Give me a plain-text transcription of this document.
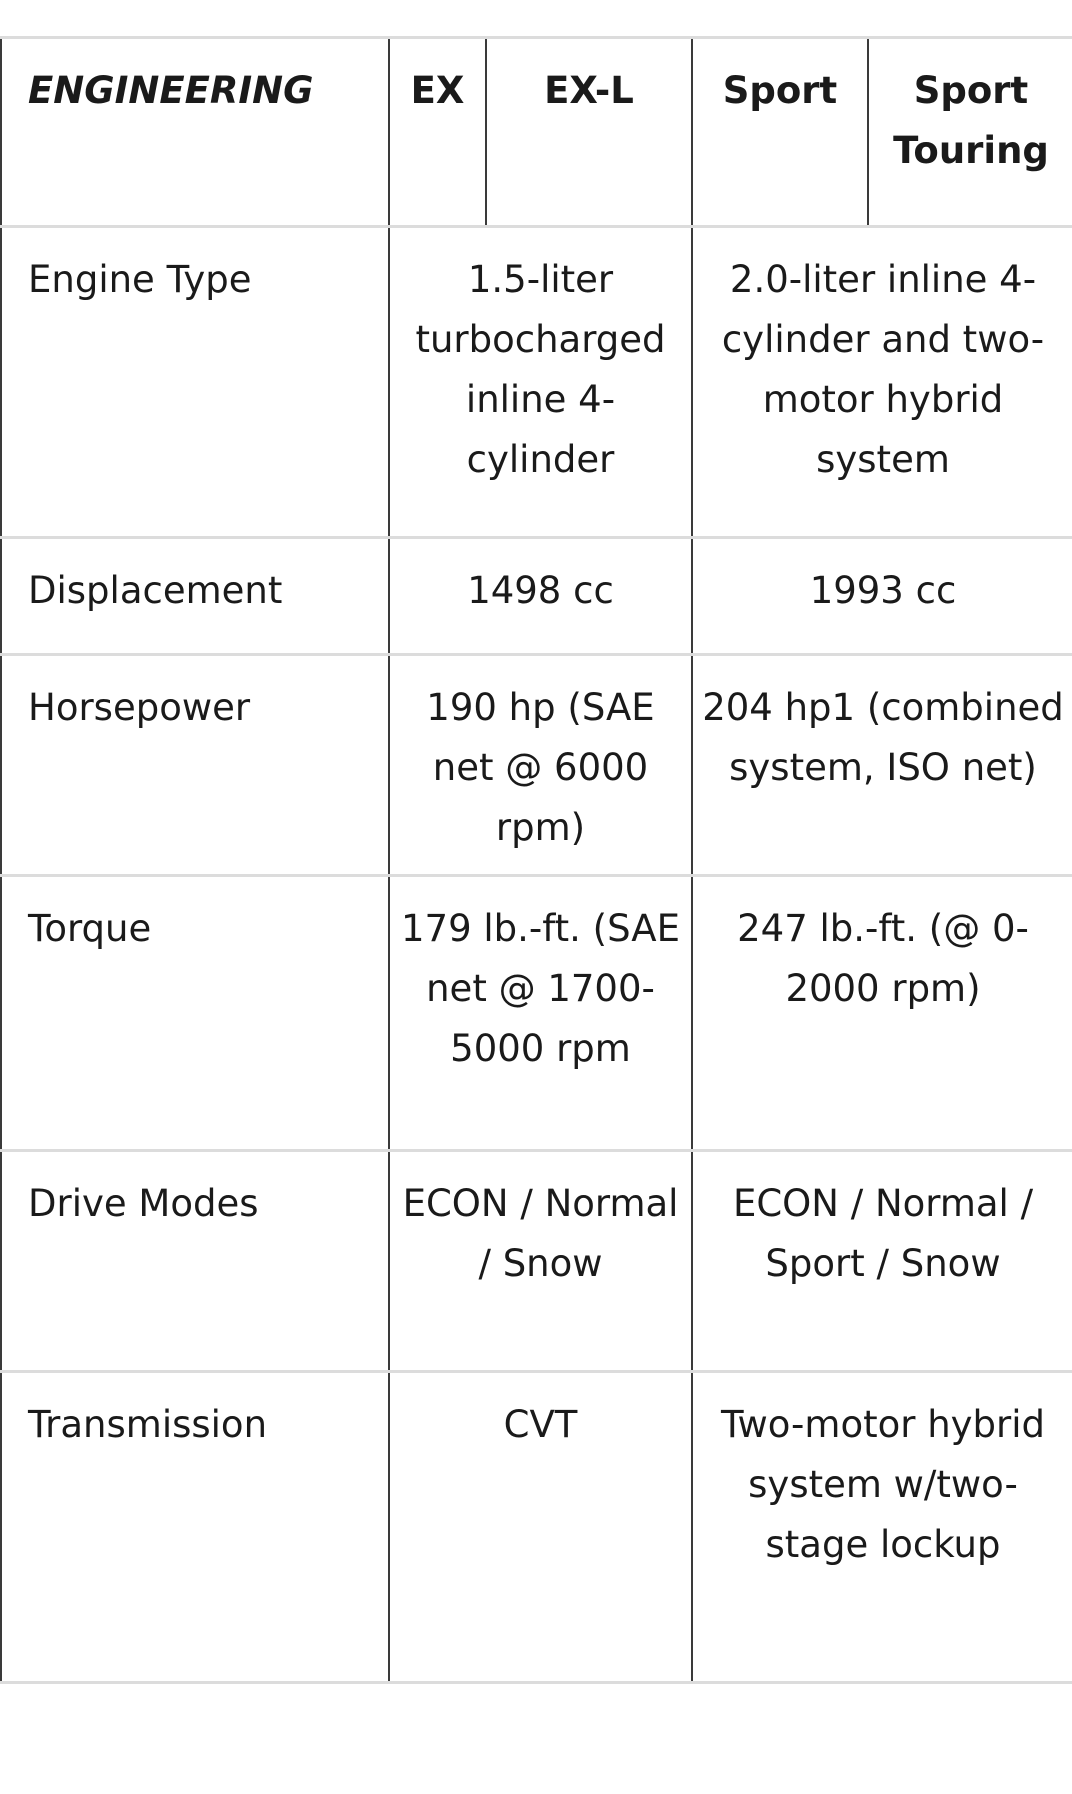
ENGINEERING	EX	EX-L	Sport	Sport Touring
Engine Type	1.5-liter turbocharged inline 4-cylinder		2.0-liter inline 4-cylinder and two-motor hybrid system	
Displacement	1498 cc		1993 cc	
Horsepower	190 hp (SAE net @ 6000 rpm)		204 hp1 (combined system, ISO net)	
Torque	179 lb.-ft. (SAE net @ 1700-5000 rpm		247 lb.-ft. (@ 0-2000 rpm)	
Drive Modes	ECON / Normal / Snow		ECON / Normal / Sport / Snow	
Transmission	CVT		Two-motor hybrid system w/two-stage lockup	
